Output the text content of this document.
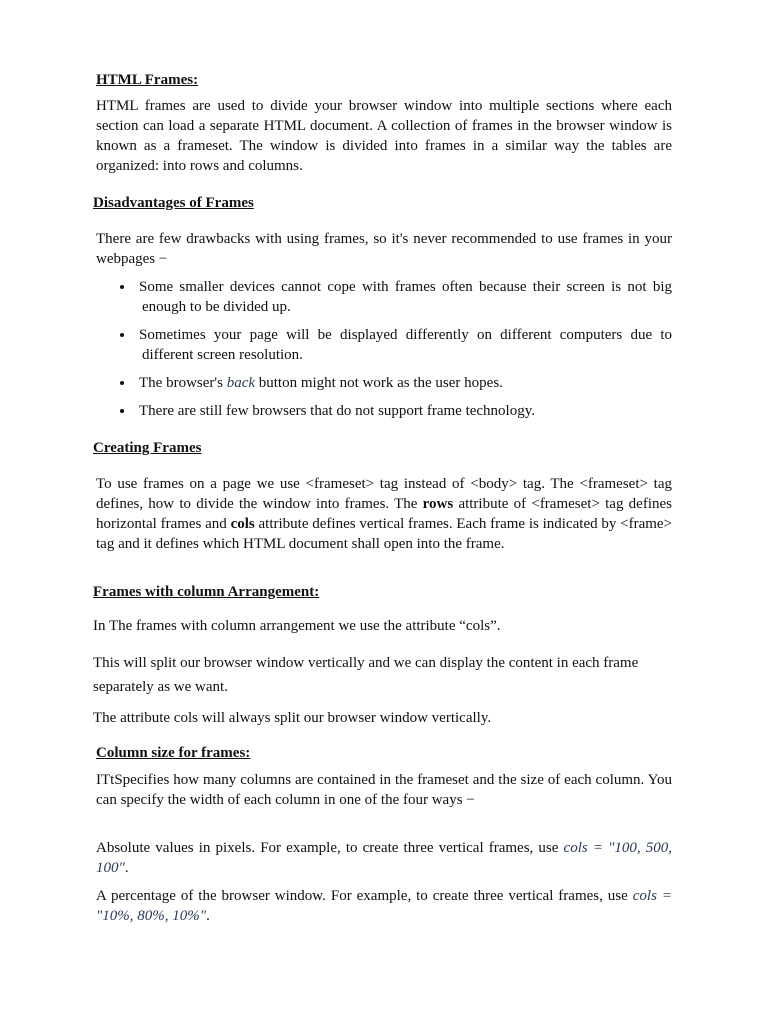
HTML Frames:

HTML frames are used to divide your browser window into multiple sections where each section can load a separate HTML document. A collection of frames in the browser window is known as a frameset. The window is divided into frames in a similar way the tables are organized: into rows and columns.

Disadvantages of Frames

There are few drawbacks with using frames, so it's never recommended to use frames in your webpages −

Some smaller devices cannot cope with frames often because their screen is not big enough to be divided up.
Sometimes your page will be displayed differently on different computers due to different screen resolution.
The browser's back button might not work as the user hopes.
There are still few browsers that do not support frame technology.
Creating Frames

To use frames on a page we use <frameset> tag instead of <body> tag. The <frameset> tag defines, how to divide the window into frames. The rows attribute of <frameset> tag defines horizontal frames and cols attribute defines vertical frames. Each frame is indicated by <frame> tag and it defines which HTML document shall open into the frame.

Frames with column Arrangement:

In The frames with column arrangement we use the attribute “cols”.

This will split our browser window vertically and we can display the content in each frame separately as we want.

The attribute cols will always split our browser window vertically.

Column size for frames:

ITtSpecifies how many columns are contained in the frameset and the size of each column. You can specify the width of each column in one of the four ways −

Absolute values in pixels. For example, to create three vertical frames, use cols = "100, 500, 100".

A percentage of the browser window. For example, to create three vertical frames, use cols = "10%, 80%, 10%".
